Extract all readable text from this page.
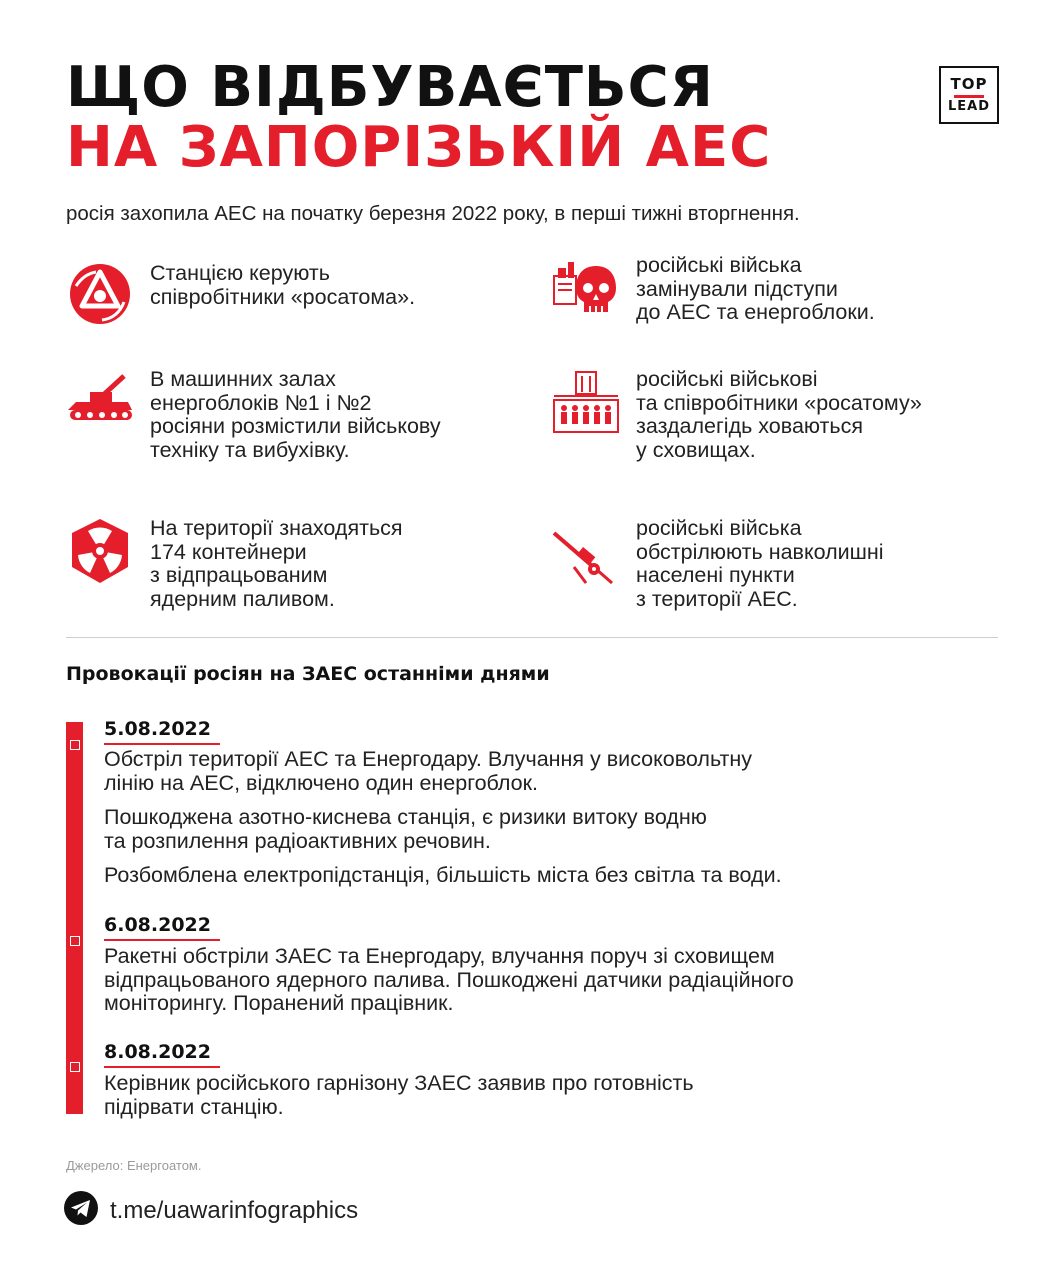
ЩО ВІДБУВАЄТЬСЯ
НА ЗАПОРІЗЬКІЙ АЕС
TOP
LEAD
росія захопила АЕС на початку березня 2022 року, в перші тижні вторгнення.
Станцією керують
співробітники «росатома».
російські війська
замінували підступи
до АЕС та енергоблоки.
В машинних залах
енергоблоків №1 і №2
росіяни розмістили військову
техніку та вибухівку.
російські військові
та співробітники «росатому»
заздалегідь ховаються
у сховищах.
На території знаходяться
174 контейнери
з відпрацьованим
ядерним паливом.
російські війська
обстрілюють навколишні
населені пункти
з території АЕС.
Провокації росіян на ЗАЕС останніми днями
5.08.2022
Обстріл території АЕС та Енергодару. Влучання у високовольтну
лінію на АЕС, відключено один енергоблок.
Пошкоджена азотно-киснева станція, є ризики витоку водню
та розпилення радіоактивних речовин.
Розбомблена електропідстанція, більшість міста без світла та води.
6.08.2022
Ракетні обстріли ЗАЕС та Енергодару, влучання поруч зі сховищем
відпрацьованого ядерного палива. Пошкоджені датчики радіаційного
моніторингу. Поранений працівник.
8.08.2022
Керівник російського гарнізону ЗАЕС заявив про готовність
підірвати станцію.
Джерело: Енергоатом.
t.me/uawarinfographics
